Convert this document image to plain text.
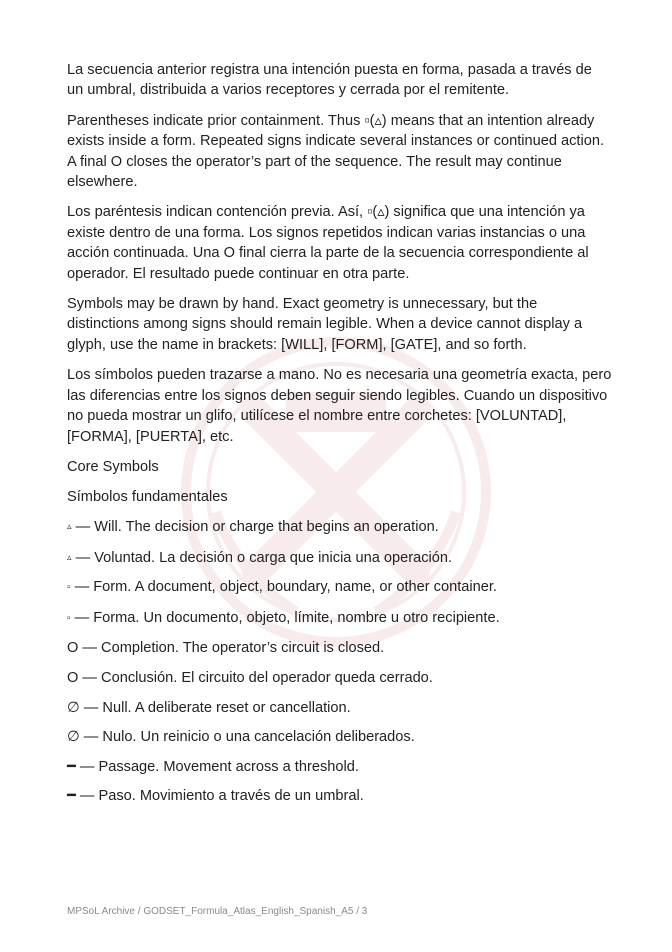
La secuencia anterior registra una intención puesta en forma, pasada a través de un umbral, distribuida a varios receptores y cerrada por el remitente.

Parentheses indicate prior containment. Thus ▫(▵) means that an intention already exists inside a form. Repeated signs indicate several instances or continued action. A final O closes the operator’s part of the sequence. The result may continue elsewhere.

Los paréntesis indican contención previa. Así, ▫(▵) significa que una intención ya existe dentro de una forma. Los signos repetidos indican varias instancias o una acción continuada. Una O final cierra la parte de la secuencia correspondiente al operador. El resultado puede continuar en otra parte.

Symbols may be drawn by hand. Exact geometry is unnecessary, but the distinctions among signs should remain legible. When a device cannot display a glyph, use the name in brackets: [WILL], [FORM], [GATE], and so forth.

Los símbolos pueden trazarse a mano. No es necesaria una geometría exacta, pero las diferencias entre los signos deben seguir siendo legibles. Cuando un dispositivo no pueda mostrar un glifo, utilícese el nombre entre corchetes: [VOLUNTAD], [FORMA], [PUERTA], etc.

Core Symbols

Símbolos fundamentales

▵ — Will. The decision or charge that begins an operation.

▵ — Voluntad. La decisión o carga que inicia una operación.

▫ — Form. A document, object, boundary, name, or other container.

▫ — Forma. Un documento, objeto, límite, nombre u otro recipiente.

O — Completion. The operator’s circuit is closed.

O — Conclusión. El circuito del operador queda cerrado.

∅ — Null. A deliberate reset or cancellation.

∅ — Nulo. Un reinicio o una cancelación deliberados.

━ — Passage. Movement across a threshold.

━ — Paso. Movimiento a través de un umbral.

MPSoL Archive / GODSET_Formula_Atlas_English_Spanish_A5 / 3
